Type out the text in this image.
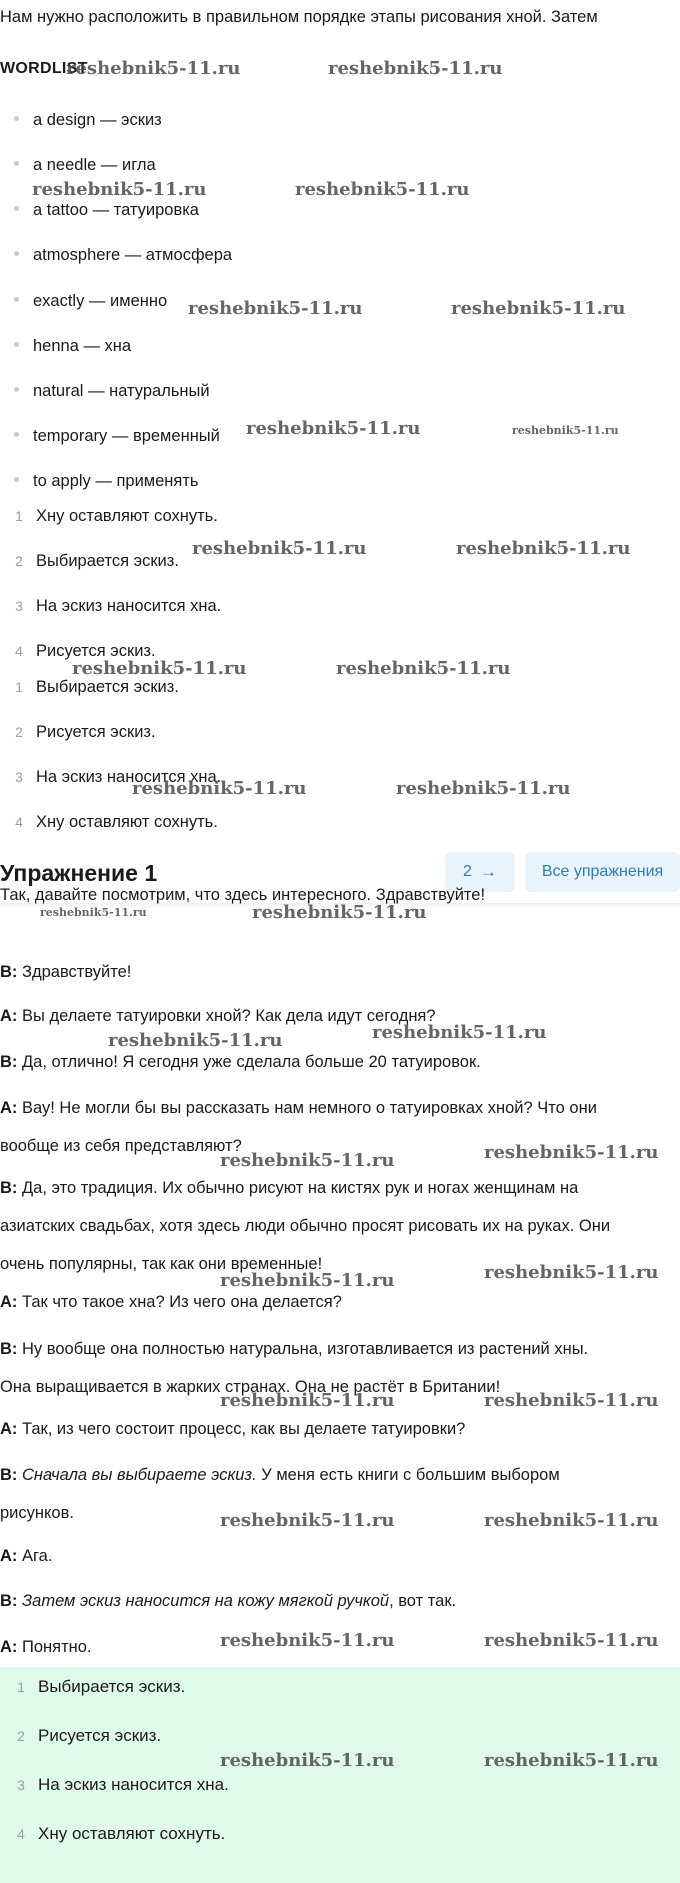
Нам нужно расположить в правильном порядке этапы рисования хной. Затем
WORDLIST
a design — эскиз
a needle — игла
a tattoo — татуировка
atmosphere — атмосфера
exactly — именно
henna — хна
natural — натуральный
temporary — временный
to apply — применять
1 Хну оставляют сохнуть.
2 Выбирается эскиз.
3 На эскиз наносится хна.
4 Рисуется эскиз.
1 Выбирается эскиз.
2 Рисуется эскиз.
3 На эскиз наносится хна.
4 Хну оставляют сохнуть.
Упражнение 1	2 →	Все упражнения
Так, давайте посмотрим, что здесь интересного. Здравствуйте!
B: Здравствуйте!
A: Вы делаете татуировки хной? Как дела идут сегодня?
B: Да, отлично! Я сегодня уже сделала больше 20 татуировок.
A: Вау! Не могли бы вы рассказать нам немного о татуировках хной? Что они
вообще из себя представляют?
B: Да, это традиция. Их обычно рисуют на кистях рук и ногах женщинам на
азиатских свадьбах, хотя здесь люди обычно просят рисовать их на руках. Они
очень популярны, так как они временные!
A: Так что такое хна? Из чего она делается?
B: Ну вообще она полностью натуральна, изготавливается из растений хны.
Она выращивается в жарких странах. Она не растёт в Британии!
A: Так, из чего состоит процесс, как вы делаете татуировки?
B: Сначала вы выбираете эскиз. У меня есть книги с большим выбором
рисунков.
A: Ага.
B: Затем эскиз наносится на кожу мягкой ручкой, вот так.
A: Понятно.
1 Выбирается эскиз.
2 Рисуется эскиз.
3 На эскиз наносится хна.
4 Хну оставляют сохнуть.
reshebnik5-11.ru	reshebnik5-11.ru
reshebnik5-11.ru	reshebnik5-11.ru
reshebnik5-11.ru	reshebnik5-11.ru
reshebnik5-11.ru	reshebnik5-11.ru
reshebnik5-11.ru	reshebnik5-11.ru
reshebnik5-11.ru	reshebnik5-11.ru
reshebnik5-11.ru	reshebnik5-11.ru
reshebnik5-11.ru	reshebnik5-11.ru
reshebnik5-11.ru	reshebnik5-11.ru
reshebnik5-11.ru	reshebnik5-11.ru
reshebnik5-11.ru	reshebnik5-11.ru
reshebnik5-11.ru	reshebnik5-11.ru
reshebnik5-11.ru	reshebnik5-11.ru
reshebnik5-11.ru	reshebnik5-11.ru
reshebnik5-11.ru	reshebnik5-11.ru
